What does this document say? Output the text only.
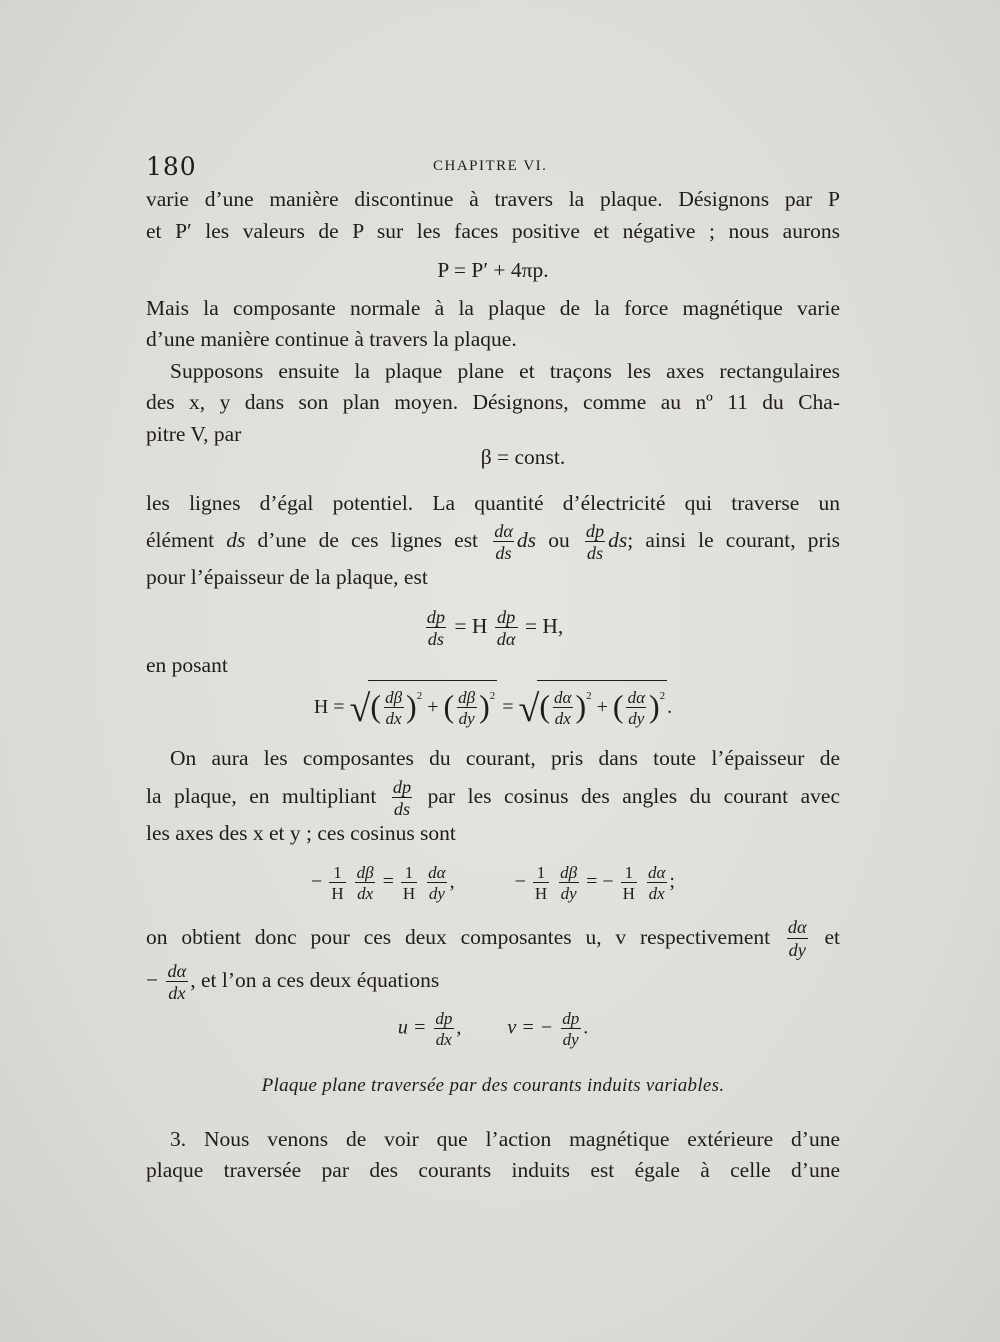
180	CHAPITRE VI.

varie d’une manière discontinue à travers la plaque. Désignons par P
et P′ les valeurs de P sur les faces positive et négative ; nous aurons

P = P′ + 4πp.

Mais la composante normale à la plaque de la force magnétique varie
d’une manière continue à travers la plaque.

Supposons ensuite la plaque plane et traçons les axes rectangulaires
des x, y dans son plan moyen. Désignons, comme au nº 11 du Cha-
pitre V, par

β = const.

les lignes d’égal potentiel. La quantité d’électricité qui traverse un
élément ds d’une de ces lignes est $\frac{d\alpha}{ds}$ ds ou $\frac{dp}{ds}$ ds; ainsi le courant, pris
pour l’épaisseur de la plaque, est

$\frac{dp}{ds} = H \frac{dp}{d\alpha} = H$,

en posant

H = √( $\frac{d\beta}{dx} )^2$ + ( $\frac{d\beta}{dy} )^2$ = √( $\frac{d\alpha}{dx} )^2$ + ( $\frac{d\alpha}{dy} )^2$ .

On aura les composantes du courant, pris dans toute l’épaisseur de
la plaque, en multipliant $\frac{dp}{ds}$ par les cosinus des angles du courant avec
les axes des x et y ; ces cosinus sont

− $\frac{1}{H}$
$\frac{d\beta}{dx} = \frac{1}{H}$
$\frac{d\alpha}{dy}$ ,	− $\frac{1}{H}$
$\frac{d\beta}{dy}$ = − $\frac{1}{H}$
$\frac{d\alpha}{dx}$ ;

on obtient donc pour ces deux composantes u, v respectivement $\frac{d\alpha}{dy}$ et
− $\frac{d\alpha}{dx}$ , et l’on a ces deux équations

$u = \frac{dp}{dx}$ , v = − $\frac{dp}{dy}$ .

Plaque plane traversée par des courants induits variables.

3. Nous venons de voir que l’action magnétique extérieure d’une
plaque traversée par des courants induits est égale à celle d’une
